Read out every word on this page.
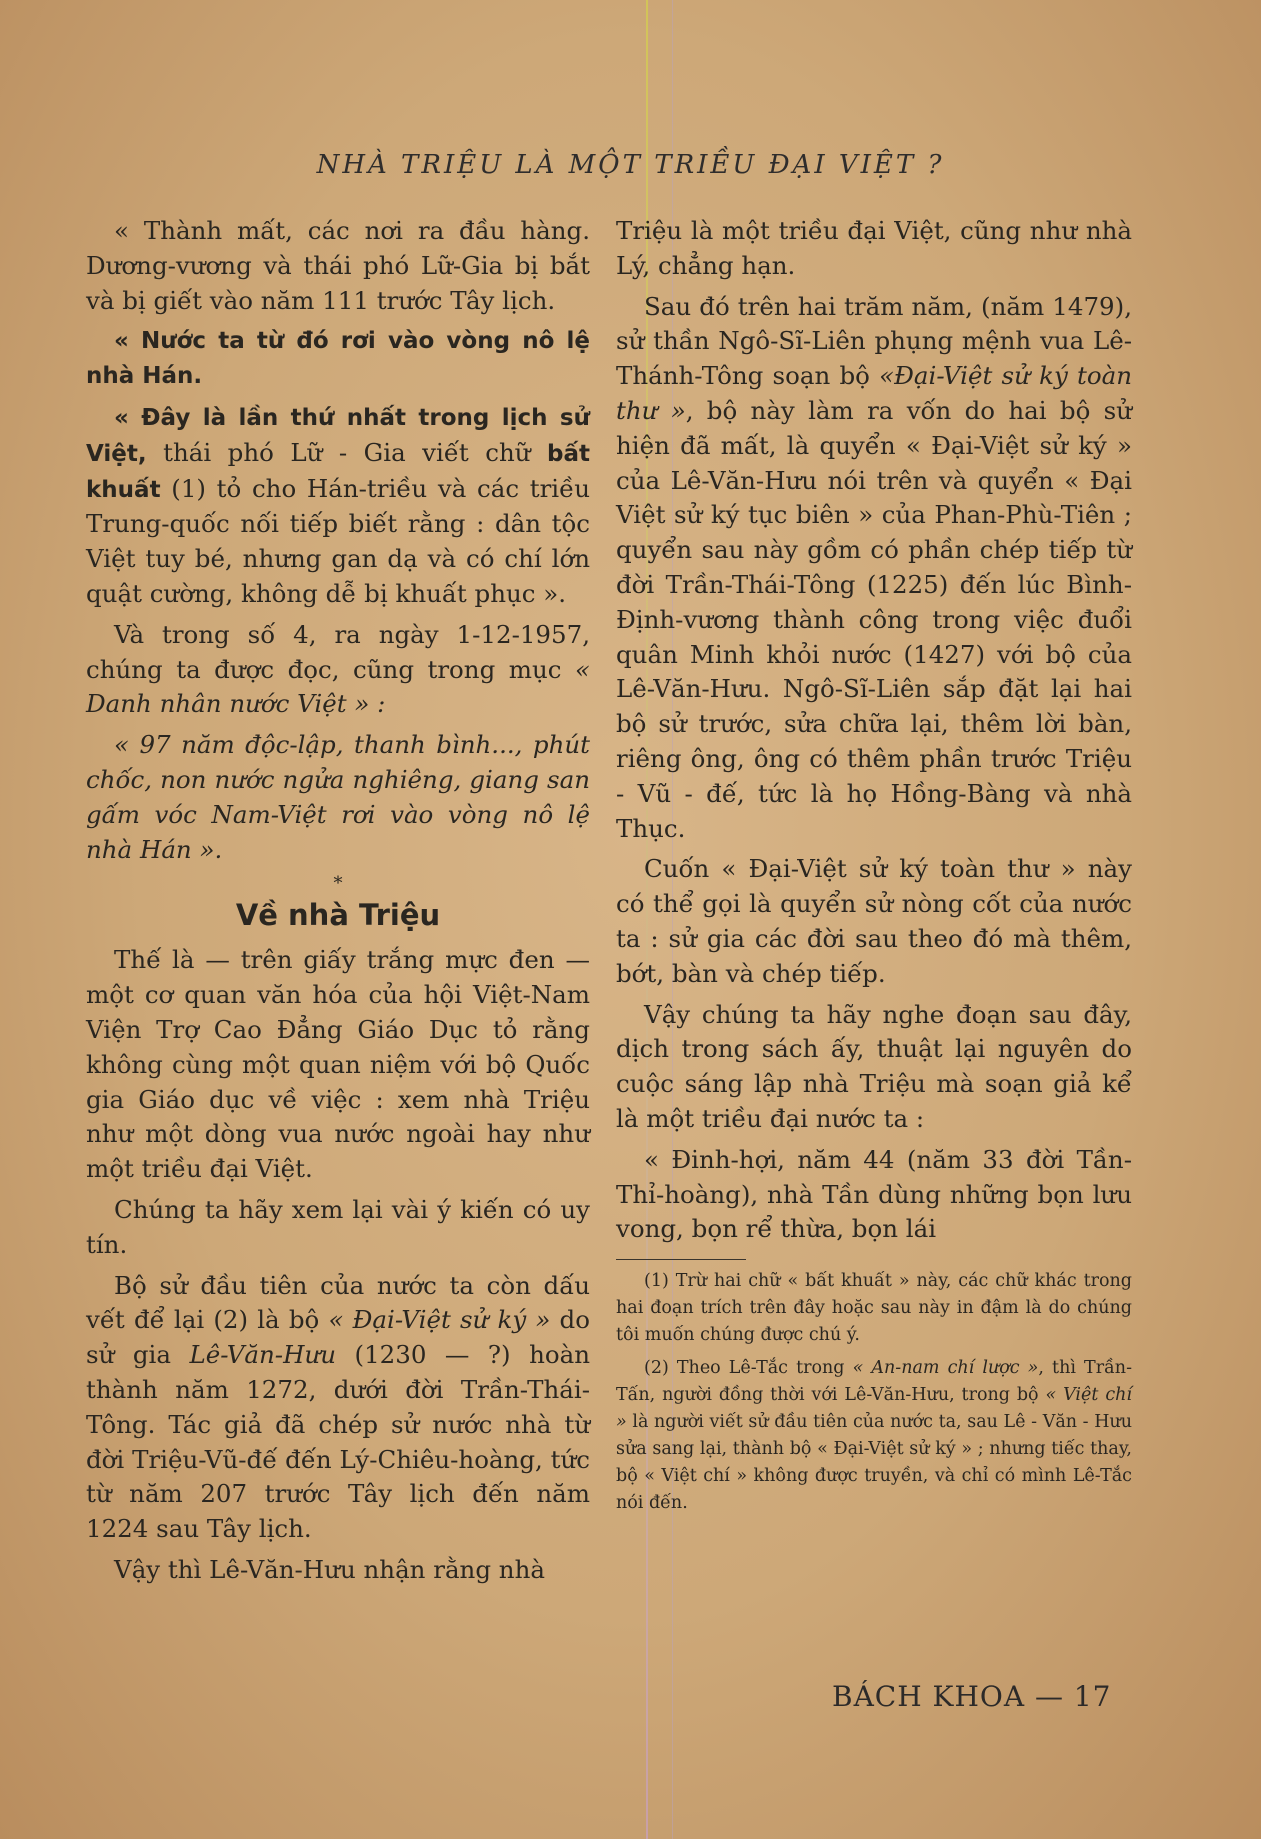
NHÀ TRIỆU LÀ MỘT TRIỀU ĐẠI VIỆT ?

« Thành mất, các nơi ra đầu hàng. Dương-vương và thái phó Lữ-Gia bị bắt và bị giết vào năm 111 trước Tây lịch.

« Nước ta từ đó rơi vào vòng nô lệ nhà Hán.

« Đây là lần thứ nhất trong lịch sử Việt, thái phó Lữ - Gia viết chữ bất khuất (1) tỏ cho Hán-triều và các triều Trung-quốc nối tiếp biết rằng : dân tộc Việt tuy bé, nhưng gan dạ và có chí lớn quật cường, không dễ bị khuất phục ».

Và trong số 4, ra ngày 1-12-1957, chúng ta được đọc, cũng trong mục « Danh nhân nước Việt » :

« 97 năm độc-lập, thanh bình..., phút chốc, non nước ngửa nghiêng, giang san gấm vóc Nam-Việt rơi vào vòng nô lệ nhà Hán ».

*
Về nhà Triệu

Thế là — trên giấy trắng mực đen — một cơ quan văn hóa của hội Việt-Nam Viện Trợ Cao Đẳng Giáo Dục tỏ rằng không cùng một quan niệm với bộ Quốc gia Giáo dục về việc : xem nhà Triệu như một dòng vua nước ngoài hay như một triều đại Việt.

Chúng ta hãy xem lại vài ý kiến có uy tín.

Bộ sử đầu tiên của nước ta còn dấu vết để lại (2) là bộ « Đại-Việt sử ký » do sử gia Lê-Văn-Hưu (1230 — ?) hoàn thành năm 1272, dưới đời Trần-Thái-Tông. Tác giả đã chép sử nước nhà từ đời Triệu-Vũ-đế đến Lý-Chiêu-hoàng, tức từ năm 207 trước Tây lịch đến năm 1224 sau Tây lịch.

Vậy thì Lê-Văn-Hưu nhận rằng nhà

Triệu là một triều đại Việt, cũng như nhà Lý, chẳng hạn.

Sau đó trên hai trăm năm, (năm 1479), sử thần Ngô-Sĩ-Liên phụng mệnh vua Lê-Thánh-Tông soạn bộ «Đại-Việt sử ký toàn thư », bộ này làm ra vốn do hai bộ sử hiện đã mất, là quyển « Đại-Việt sử ký » của Lê-Văn-Hưu nói trên và quyển « Đại Việt sử ký tục biên » của Phan-Phù-Tiên ; quyển sau này gồm có phần chép tiếp từ đời Trần-Thái-Tông (1225) đến lúc Bình-Định-vương thành công trong việc đuổi quân Minh khỏi nước (1427) với bộ của Lê-Văn-Hưu. Ngô-Sĩ-Liên sắp đặt lại hai bộ sử trước, sửa chữa lại, thêm lời bàn, riêng ông, ông có thêm phần trước Triệu - Vũ - đế, tức là họ Hồng-Bàng và nhà Thục.

Cuốn « Đại-Việt sử ký toàn thư » này có thể gọi là quyển sử nòng cốt của nước ta : sử gia các đời sau theo đó mà thêm, bớt, bàn và chép tiếp.

Vậy chúng ta hãy nghe đoạn sau đây, dịch trong sách ấy, thuật lại nguyên do cuộc sáng lập nhà Triệu mà soạn giả kể là một triều đại nước ta :

« Đinh-hợi, năm 44 (năm 33 đời Tần-Thỉ-hoàng), nhà Tần dùng những bọn lưu vong, bọn rể thừa, bọn lái

(1) Trừ hai chữ « bất khuất » này, các chữ khác trong hai đoạn trích trên đây hoặc sau này in đậm là do chúng tôi muốn chúng được chú ý.

(2) Theo Lê-Tắc trong « An-nam chí lược », thì Trần-Tấn, người đồng thời với Lê-Văn-Hưu, trong bộ « Việt chí » là người viết sử đầu tiên của nước ta, sau Lê - Văn - Hưu sửa sang lại, thành bộ « Đại-Việt sử ký » ; nhưng tiếc thay, bộ « Việt chí » không được truyền, và chỉ có mình Lê-Tắc nói đến.

BÁCH KHOA — 17
